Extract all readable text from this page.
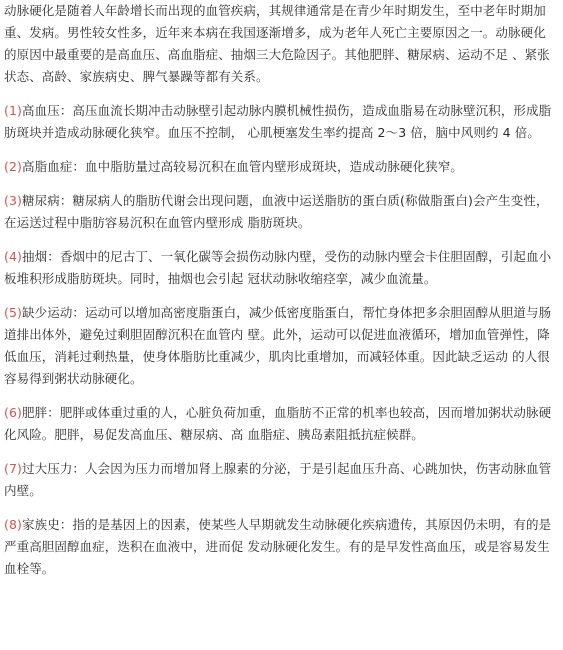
动脉硬化是随着人年龄增长而出现的血管疾病，其规律通常是在青少年时期发生，至中老年时期加重、发病。男性较女性多，近年来本病在我国逐渐增多，成为老年人死亡主要原因之一。动脉硬化的原因中最重要的是高血压、高血脂症、抽烟三大危险因子。其他肥胖、糖尿病、运动不足 、紧张状态、高龄、家族病史、脾气暴躁等都有关系。

(1)高血压：高压血流长期冲击动脉壁引起动脉内膜机械性损伤，造成血脂易在动脉壁沉积，形成脂肪斑块并造成动脉硬化狭窄。血压不控制， 心肌梗塞发生率约提高 2～3 倍，脑中风则约 4 倍。

(2)高脂血症：血中脂肪量过高较易沉积在血管内壁形成斑块，造成动脉硬化狭窄。

(3)糖尿病：糖尿病人的脂肪代谢会出现问题，血液中运送脂肪的蛋白质(称做脂蛋白)会产生变性，在运送过程中脂肪容易沉积在血管内壁形成 脂肪斑块。

(4)抽烟：香烟中的尼古丁、一氧化碳等会损伤动脉内壁，受伤的动脉内壁会卡住胆固醇，引起血小板堆积形成脂肪斑块。同时，抽烟也会引起 冠状动脉收缩痉挛，减少血流量。

(5)缺少运动：运动可以增加高密度脂蛋白，减少低密度脂蛋白，帮忙身体把多余胆固醇从胆道与肠道排出体外，避免过剩胆固醇沉积在血管内 壁。此外，运动可以促进血液循环，增加血管弹性，降低血压，消耗过剩热量，使身体脂肪比重减少，肌肉比重增加，而减轻体重。因此缺乏运动 的人很容易得到粥状动脉硬化。

(6)肥胖：肥胖或体重过重的人，心脏负荷加重，血脂肪不正常的机率也较高，因而增加粥状动脉硬化风险。肥胖，易促发高血压、糖尿病、高 血脂症、胰岛素阻抵抗症候群。

(7)过大压力：人会因为压力而增加肾上腺素的分泌，于是引起血压升高、心跳加快，伤害动脉血管内壁。

(8)家族史：指的是基因上的因素，使某些人早期就发生动脉硬化疾病遗传，其原因仍未明，有的是严重高胆固醇血症，迭积在血液中，进而促 发动脉硬化发生。有的是早发性高血压，或是容易发生血栓等。
